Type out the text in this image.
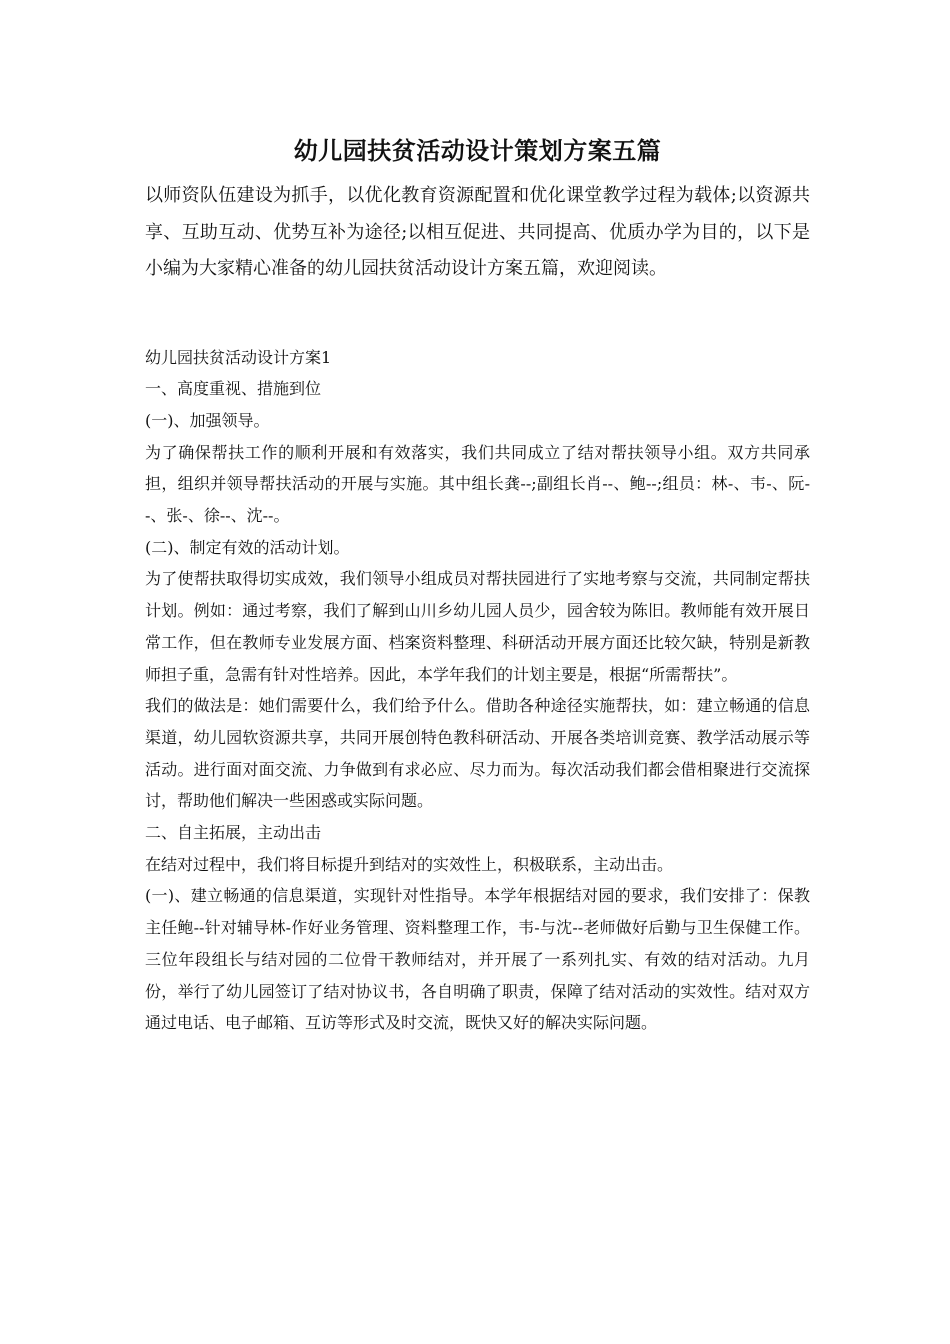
幼儿园扶贫活动设计策划方案五篇

以师资队伍建设为抓手，以优化教育资源配置和优化课堂教学过程为载体;以资源共享、互助互动、优势互补为途径;以相互促进、共同提高、优质办学为目的，以下是小编为大家精心准备的幼儿园扶贫活动设计方案五篇，欢迎阅读。

幼儿园扶贫活动设计方案1

一、高度重视、措施到位

(一)、加强领导。

为了确保帮扶工作的顺利开展和有效落实，我们共同成立了结对帮扶领导小组。双方共同承担，组织并领导帮扶活动的开展与实施。其中组长龚--;副组长肖--、鲍--;组员：林-、韦-、阮--、张-、徐--、沈--。

(二)、制定有效的活动计划。

为了使帮扶取得切实成效，我们领导小组成员对帮扶园进行了实地考察与交流，共同制定帮扶计划。例如：通过考察，我们了解到山川乡幼儿园人员少，园舍较为陈旧。教师能有效开展日常工作，但在教师专业发展方面、档案资料整理、科研活动开展方面还比较欠缺，特别是新教师担子重，急需有针对性培养。因此，本学年我们的计划主要是，根据“所需帮扶”。

我们的做法是：她们需要什么，我们给予什么。借助各种途径实施帮扶，如：建立畅通的信息渠道，幼儿园软资源共享，共同开展创特色教科研活动、开展各类培训竞赛、教学活动展示等活动。进行面对面交流、力争做到有求必应、尽力而为。每次活动我们都会借相聚进行交流探讨，帮助他们解决一些困惑或实际问题。

二、自主拓展，主动出击

在结对过程中，我们将目标提升到结对的实效性上，积极联系，主动出击。

(一)、建立畅通的信息渠道，实现针对性指导。本学年根据结对园的要求，我们安排了：保教主任鲍--针对辅导林-作好业务管理、资料整理工作，韦-与沈--老师做好后勤与卫生保健工作。三位年段组长与结对园的二位骨干教师结对，并开展了一系列扎实、有效的结对活动。九月份，举行了幼儿园签订了结对协议书，各自明确了职责，保障了结对活动的实效性。结对双方通过电话、电子邮箱、互访等形式及时交流，既快又好的解决实际问题。
